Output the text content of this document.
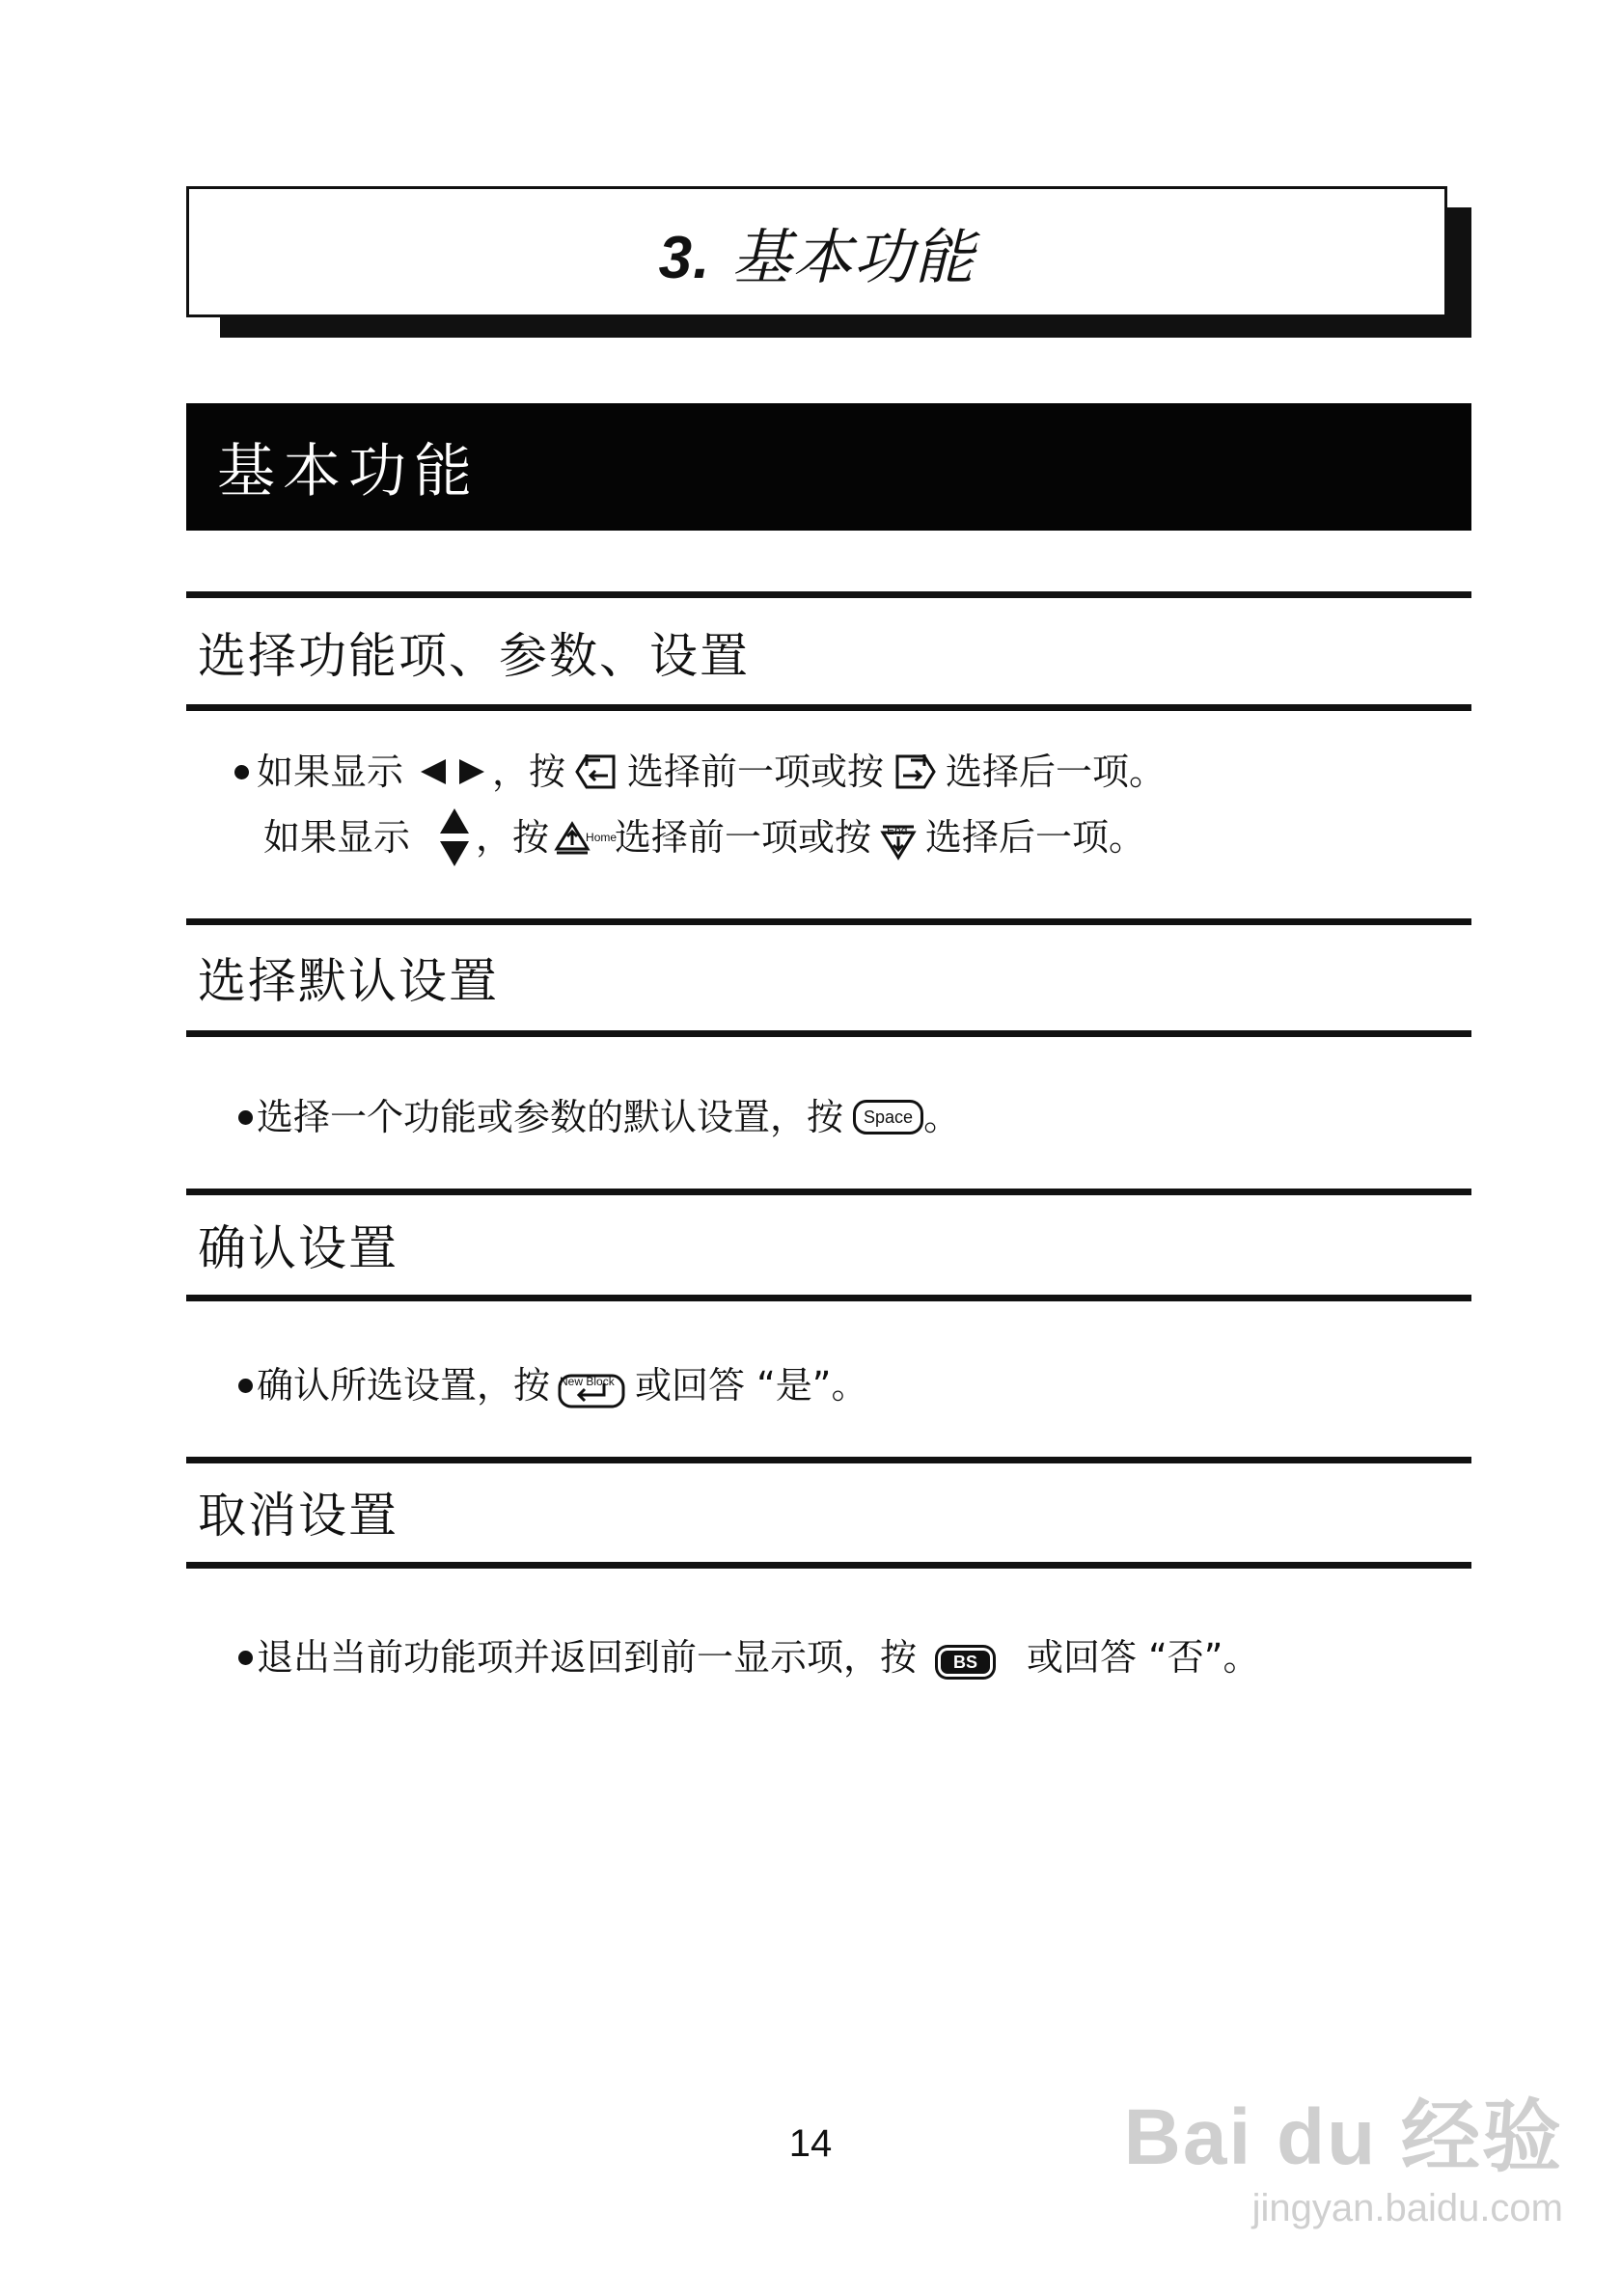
3. 基本功能
基本功能
选择功能项、参数、设置
如果显示 ，按 选择前一项或按 选择后一项。
如果显示 ，按	Home
选择前一项或按 End 选择后一项。
选择默认设置
选择一个功能或参数的默认设置，按	Space 。
确认设置
确认所选设置，按 New Block 或回答 “是”。
取消设置
退出当前功能项并返回到前一显示项，按	BS	或回答 “否”。
14	Bai du 经验
jingyan.baidu.com
